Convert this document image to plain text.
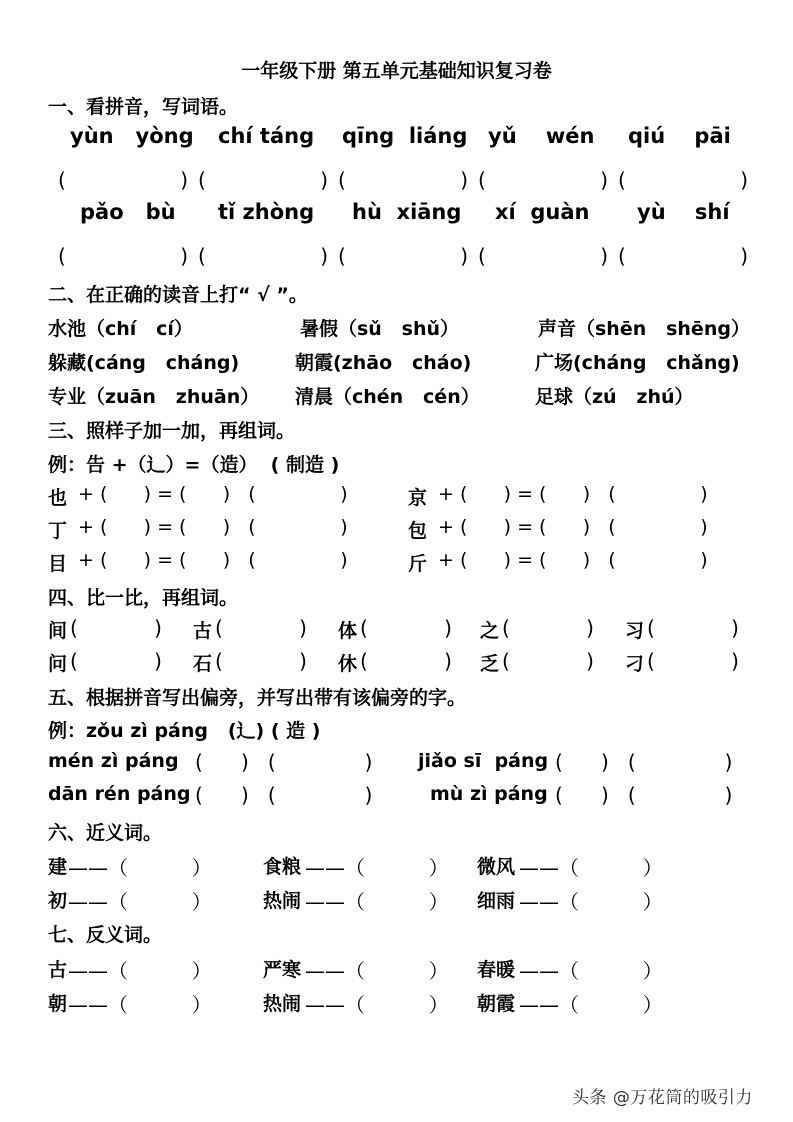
一年级下册 第五单元基础知识复习卷
一、看拼音，写词语。
yùn   yòng chí táng qīng  liáng yǔ    wén qiú    pāi
(                  ) (                  ) (                  ) (                  ) (                  )
pǎo   bù tǐ zhòng hù  xiāng xí  guàn yù    shí
(                  ) (                  ) (                  ) (                  ) (                  )
二、在正确的读音上打“ √ ”。
水池（chí   cí）	暑假（sǔ   shǔ）	声音（shēn   shēng）
躲藏(cáng   cháng)	朝霞(zhāo   cháo)	广场(cháng   chǎng)
专业（zuān   zhuān） 清晨（chén   cén）	足球（zú   zhú）
三、照样子加一加，再组词。
例：告 +（辶）=（造）  ( 制造 )
也 + (      ) = (      )   (              )	京 + (      ) = (      )   (              )
丁 + (      ) = (      )   (              )	包 + (      ) = (      )   (              )
目 + (      ) = (      )   (              )	斤 + (      ) = (      )   (              )
四、比一比，再组词。
间 (            ) 古 (            ) 体 (            ) 之 (            ) 习 (            )
问 (            ) 石 (            ) 休 (            ) 乏 (            ) 刁 (            )
五、根据拼音写出偏旁，并写出带有该偏旁的字。
例：zǒu zì páng   (辶) ( 造 )
mén zì páng (      )   (              ) jiǎo sī  páng (      )   (              )
dān rén páng (      )   (              )	mù zì páng (      )   (              )
六、近义词。
建 ——（          ）	食粮 ——（          ） 微风 ——（          ）
初 ——（          ）	热闹 ——（          ） 细雨 ——（          ）
七、反义词。
古 ——（          ）	严寒 ——（          ） 春暖 ——（          ）
朝 ——（          ）	热闹 ——（          ） 朝霞 ——（          ）
头条 @万花筒的吸引力
